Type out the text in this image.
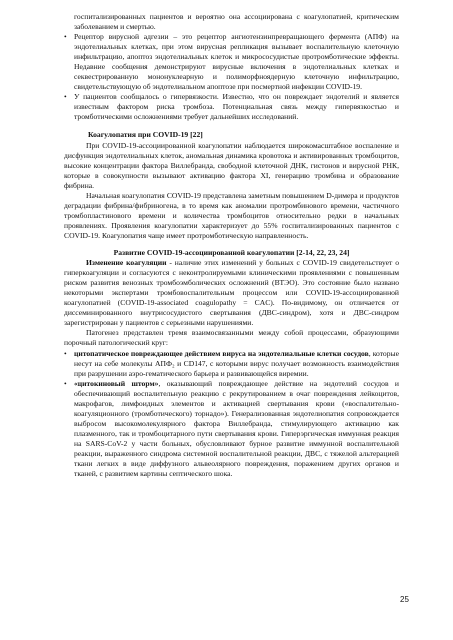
госпитализированных пациентов и вероятно она ассоциирована с коагулопатией, критическим заболеванием и смертью.

• Рецептор вирусной адгезии – это рецептор ангиотензинпревращающего фермента (АПФ) на эндотелиальных клетках, при этом вирусная репликация вызывает воспалительную клеточную инфильтрацию, апоптоз эндотелиальных клеток и микрососудистые протромботические эффекты. Недавние сообщения демонстрируют вирусные включения в эндотелиальных клетках и секвестрированную мононуклеарную и полиморфноядерную клеточную инфильтрацию, свидетельствующую об эндотелиальном апоптозе при посмертной инфекции COVID-19.
• У пациентов сообщалось о гипервязкости. Известно, что он повреждает эндотелий и является известным фактором риска тромбоза. Потенциальная связь между гипервязкостью и тромботическими осложнениями требует дальнейших исследований.

Коагулопатия при COVID-19 [22]

При COVID-19-ассоциированной коагулопатии наблюдается широкомасштабное воспаление и дисфункция эндотелиальных клеток, аномальная динамика кровотока и активированных тромбоцитов, высокие концентрации фактора Виллебранда, свободной клеточной ДНК, гистонов и вирусной РНК, которые в совокупности вызывают активацию фактора XI, генерацию тромбина и образование фибрина.

Начальная коагулопатия COVID-19 представлена заметным повышением D-димера и продуктов деградации фибрина/фибриногена, в то время как аномалии протромбинового времени, частичного тромбопластинового времени и количества тромбоцитов относительно редки в начальных проявлениях. Проявления коагулопатии характеризует до 55% госпитализированных пациентов с COVID-19. Коагулопатия чаще имеет протромботическую направленность.

Развитие COVID-19-ассоциированной коагулопатии [2-14, 22, 23, 24]

Изменение коагуляции - наличие этих изменений у больных с COVID-19 свидетельствует о гиперкоагуляции и согласуются с неконтролируемыми клиническими проявлениями с повышенным риском развития венозных тромбоэмболических осложнений (ВТЭО). Это состояние было названо некоторыми экспертами тромбовоспалительным процессом или COVID-19-ассоциированной коагулопатией (COVID-19-associated coagulopathy = CAC). По-видимому, он отличается от диссеминированного внутрисосудистого свертывания (ДВС-синдром), хотя и ДВС-синдром зарегистрирован у пациентов с серьезными нарушениями.

Патогенез представлен тремя взаимосвязанными между собой процессами, образующими порочный патологический круг:

• цитопатическое повреждающее действием вируса на эндотелиальные клетки сосудов, которые несут на себе молекулы АПФ₂ и CD147, с которыми вирус получает возможность взаимодействия при разрушении аэро-гематического барьера и развивающейся виремии.
• «цитокиновый шторм», оказывающий повреждающее действие на эндотелий сосудов и обеспечивающий воспалительную реакцию с рекрутированием в очаг повреждения лейкоцитов, макрофагов, лимфоидных элементов и активацией свертывания крови («воспалительно-коагуляционного (тромботического) торнадо»). Генерализованная эндотелиопатия сопровождается выбросом высокомолекулярного фактора Виллебранда, стимулирующего активацию как плазменного, так и тромбоцитарного пути свертывания крови. Гиперэргическая иммунная реакция на SARS-CoV-2 у части больных, обусловливают бурное развитие иммунной воспалительной реакции, выраженного синдрома системной воспалительной реакции, ДВС, с тяжелой альтерацией ткани легких в виде диффузного альвеолярного повреждения, поражением других органов и тканей, с развитием картины септического шока.
25
